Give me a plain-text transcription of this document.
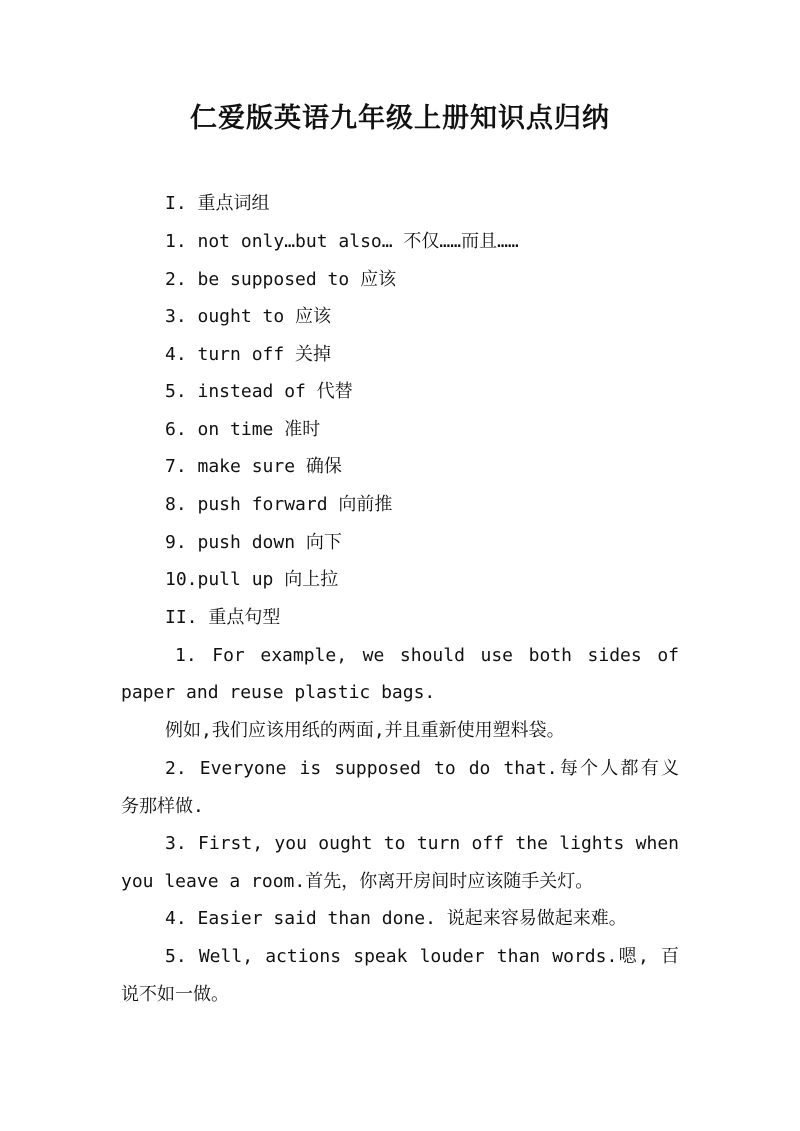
仁爱版英语九年级上册知识点归纳

I. 重点词组

1. not only…but also… 不仅……而且……

2. be supposed to 应该

3. ought to 应该

4. turn off 关掉

5. instead of 代替

6. on time 准时

7. make sure 确保

8. push forward 向前推

9. push down 向下

10.pull up 向上拉

II. 重点句型

1. For example, we should use both sides of

paper and reuse plastic bags.

例如,我们应该用纸的两面,并且重新使用塑料袋。

2. Everyone is supposed to do that.每个人都有义

务那样做.

3. First, you ought to turn off the lights when

you leave a room.首先，你离开房间时应该随手关灯。

4. Easier said than done. 说起来容易做起来难。

5. Well, actions speak louder than words.嗯, 百

说不如一做。
